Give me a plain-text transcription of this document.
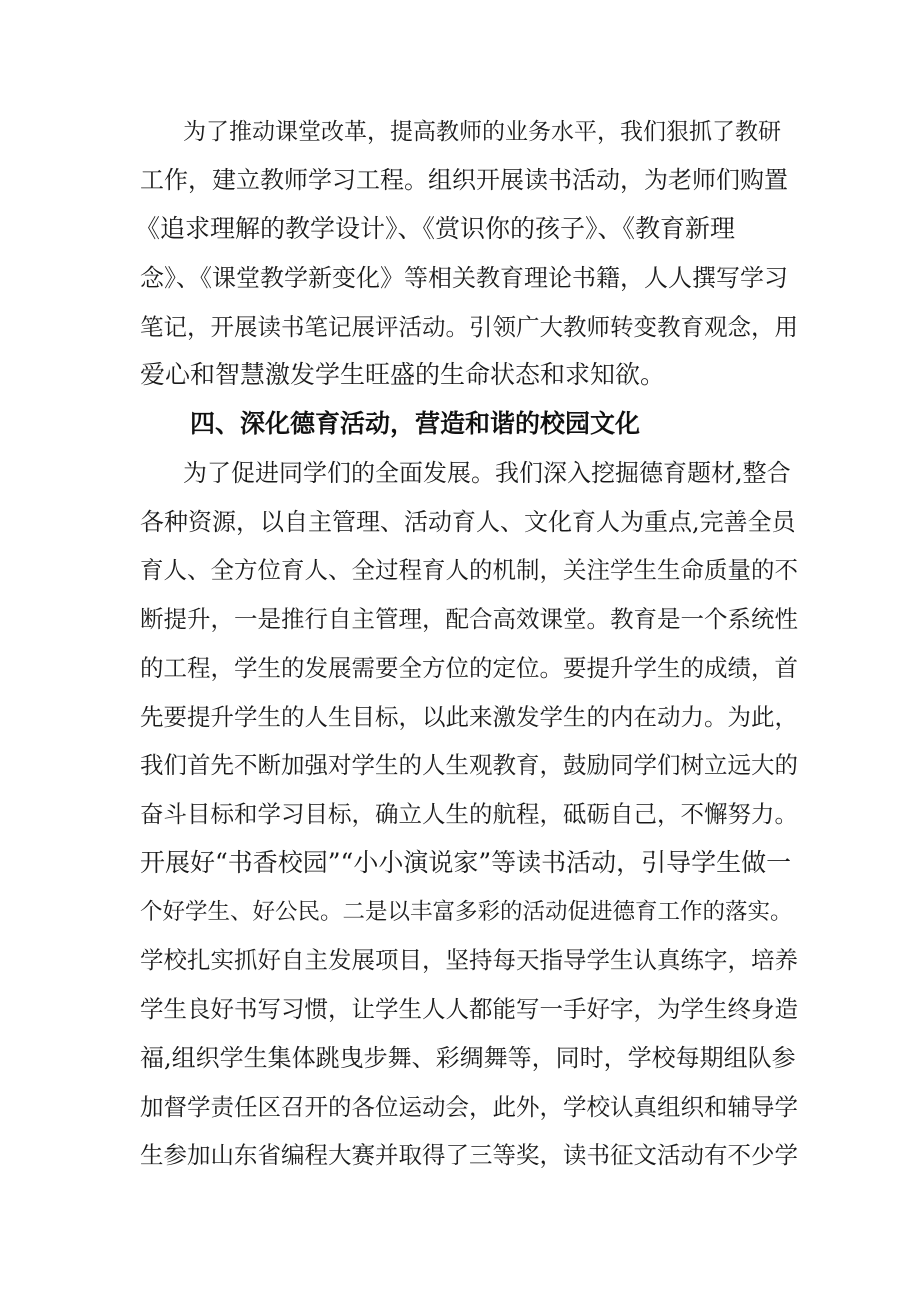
为了推动课堂改革，提高教师的业务水平，我们狠抓了教研
工作，建立教师学习工程。组织开展读书活动，为老师们购置
《追求理解的教学设计》、《赏识你的孩子》、《教育新理
念》、《课堂教学新变化》等相关教育理论书籍，人人撰写学习
笔记，开展读书笔记展评活动。引领广大教师转变教育观念，用
爱心和智慧激发学生旺盛的生命状态和求知欲。
四、深化德育活动，营造和谐的校园文化
为了促进同学们的全面发展。我们深入挖掘德育题材,整合
各种资源，以自主管理、活动育人、文化育人为重点,完善全员
育人、全方位育人、全过程育人的机制，关注学生生命质量的不
断提升，一是推行自主管理，配合高效课堂。教育是一个系统性
的工程，学生的发展需要全方位的定位。要提升学生的成绩，首
先要提升学生的人生目标，以此来激发学生的内在动力。为此，
我们首先不断加强对学生的人生观教育，鼓励同学们树立远大的
奋斗目标和学习目标，确立人生的航程，砥砺自己，不懈努力。
开展好“书香校园”“小小演说家”等读书活动，引导学生做一
个好学生、好公民。二是以丰富多彩的活动促进德育工作的落实。
学校扎实抓好自主发展项目，坚持每天指导学生认真练字，培养
学生良好书写习惯，让学生人人都能写一手好字，为学生终身造
福,组织学生集体跳曳步舞、彩绸舞等，同时，学校每期组队参
加督学责任区召开的各位运动会，此外，学校认真组织和辅导学
生参加山东省编程大赛并取得了三等奖，读书征文活动有不少学
